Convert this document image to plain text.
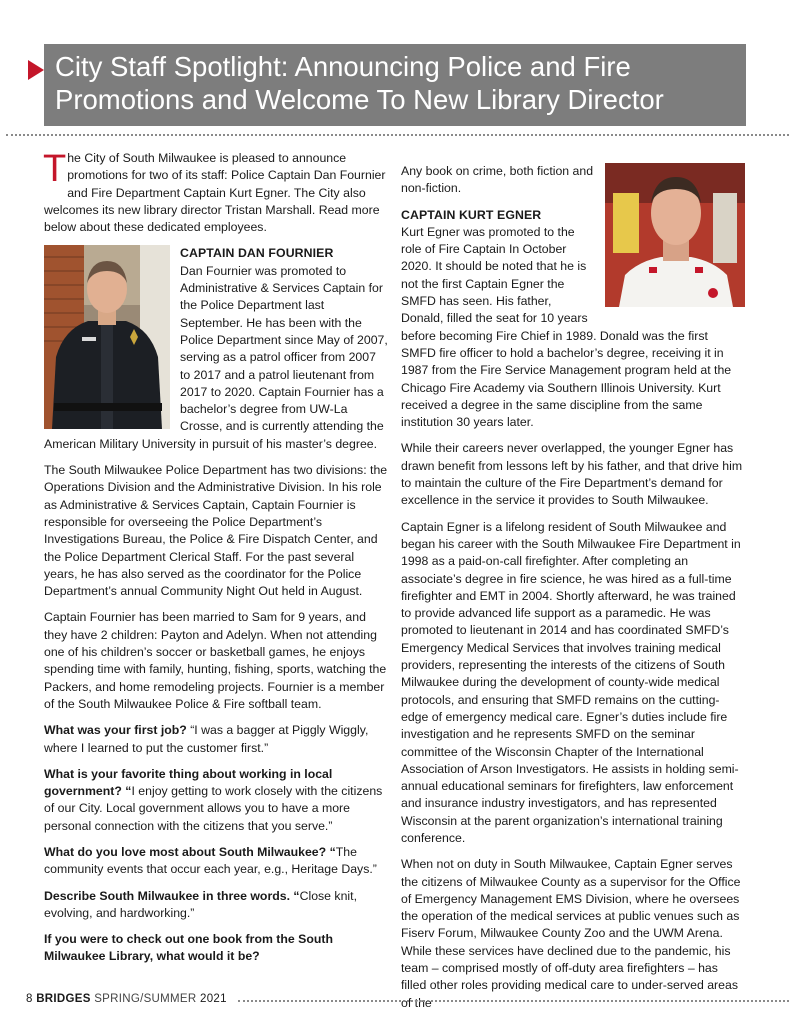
City Staff Spotlight: Announcing Police and Fire
Promotions and Welcome To New Library Director

The City of South Milwaukee is pleased to announce promotions for two of its staff: Police Captain Dan Fournier and Fire Department Captain Kurt Egner. The City also welcomes its new library director Tristan Marshall. Read more below about these dedicated employees.

CAPTAIN DAN FOURNIER

Dan Fournier was promoted to Administrative & Services Captain for the Police Department last September. He has been with the Police Department since May of 2007, serving as a patrol officer from 2007 to 2017 and a patrol lieutenant from 2017 to 2020. Captain Fournier has a bachelor’s degree from UW-La Crosse, and is currently attending the American Military University in pursuit of his master’s degree.

The South Milwaukee Police Department has two divisions: the Operations Division and the Administrative Division. In his role as Administrative & Services Captain, Captain Fournier is responsible for overseeing the Police Department’s Investigations Bureau, the Police & Fire Dispatch Center, and the Police Department Clerical Staff. For the past several years, he has also served as the coordinator for the Police Department’s annual Community Night Out held in August.

Captain Fournier has been married to Sam for 9 years, and they have 2 children: Payton and Adelyn. When not attending one of his children’s soccer or basketball games, he enjoys spending time with family, hunting, fishing, sports, watching the Packers, and home remodeling projects. Fournier is a member of the South Milwaukee Police & Fire softball team.

What was your first job? “I was a bagger at Piggly Wiggly, where I learned to put the customer first.”

What is your favorite thing about working in local government? “I enjoy getting to work closely with the citizens of our City. Local government allows you to have a more personal connection with the citizens that you serve.”

What do you love most about South Milwaukee? “The community events that occur each year, e.g., Heritage Days.”

Describe South Milwaukee in three words. “Close knit, evolving, and hardworking.”

If you were to check out one book from the South Milwaukee Library, what would it be?

Any book on crime, both fiction and non-fiction.

CAPTAIN KURT EGNER

Kurt Egner was promoted to the role of Fire Captain In October 2020. It should be noted that he is not the first Captain Egner the SMFD has seen. His father, Donald, filled the seat for 10 years before becoming Fire Chief in 1989. Donald was the first SMFD fire officer to hold a bachelor’s degree, receiving it in 1987 from the Fire Service Management program held at the Chicago Fire Academy via Southern Illinois University. Kurt received a degree in the same discipline from the same institution 30 years later.

While their careers never overlapped, the younger Egner has drawn benefit from lessons left by his father, and that drive him to maintain the culture of the Fire Department’s demand for excellence in the service it provides to South Milwaukee.

Captain Egner is a lifelong resident of South Milwaukee and began his career with the South Milwaukee Fire Department in 1998 as a paid-on-call firefighter. After completing an associate’s degree in fire science, he was hired as a full-time firefighter and EMT in 2004. Shortly afterward, he was trained to provide advanced life support as a paramedic. He was promoted to lieutenant in 2014 and has coordinated SMFD’s Emergency Medical Services that involves training medical providers, representing the interests of the citizens of South Milwaukee during the development of county-wide medical protocols, and ensuring that SMFD remains on the cutting-edge of emergency medical care. Egner’s duties include fire investigation and he represents SMFD on the seminar committee of the Wisconsin Chapter of the International Association of Arson Investigators. He assists in holding semi-annual educational seminars for firefighters, law enforcement and insurance industry investigators, and has represented Wisconsin at the parent organization’s international training conference.

When not on duty in South Milwaukee, Captain Egner serves the citizens of Milwaukee County as a supervisor for the Office of Emergency Management EMS Division, where he oversees the operation of the medical services at public venues such as Fiserv Forum, Milwaukee County Zoo and the UWM Arena. While these services have declined due to the pandemic, his team – comprised mostly of off-duty area firefighters – has filled other roles providing medical care to under-served areas of the

8 BRIDGES SPRING/SUMMER 2021
